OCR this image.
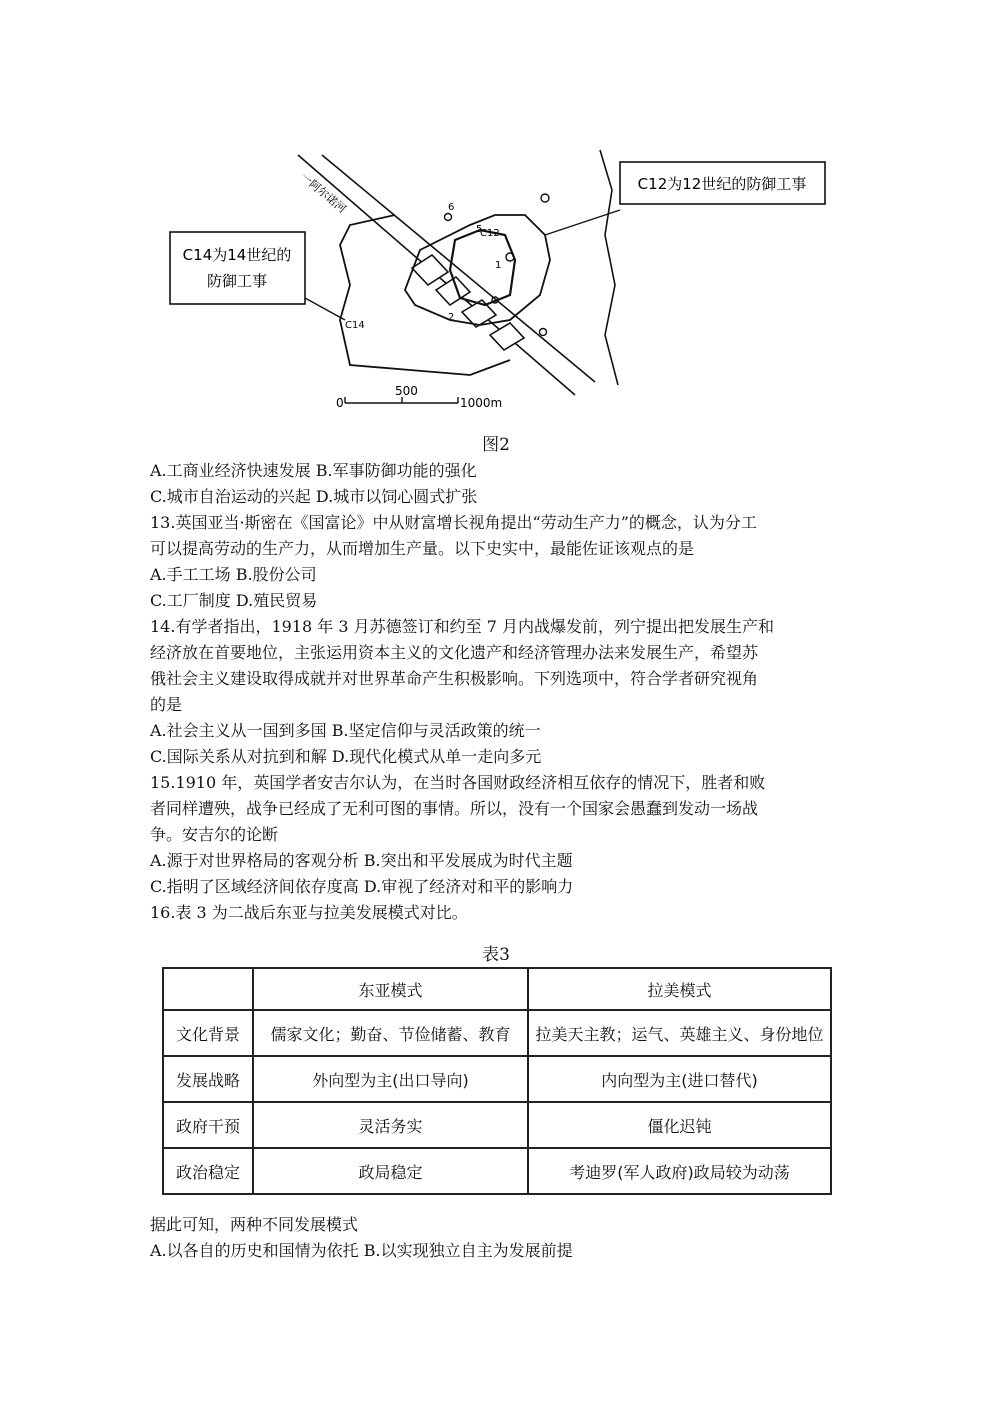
C12为12世纪的防御工事
C14为14世纪的
防御工事
一阿尔诺河
C12
C14
1
2
5
6
0
500
1000m
图2
A.工商业经济快速发展 B.军事防御功能的强化
C.城市自治运动的兴起 D.城市以饲心圆式扩张
13.英国亚当·斯密在《国富论》中从财富增长视角提出“劳动生产力”的概念，认为分工
可以提高劳动的生产力，从而增加生产量。以下史实中，最能佐证该观点的是
A.手工工场 B.股份公司
C.工厂制度 D.殖民贸易
14.有学者指出，1918 年 3 月苏德签订和约至 7 月内战爆发前，列宁提出把发展生产和
经济放在首要地位，主张运用资本主义的文化遗产和经济管理办法来发展生产，希望苏
俄社会主义建设取得成就并对世界革命产生积极影响。下列选项中，符合学者研究视角
的是
A.社会主义从一国到多国 B.坚定信仰与灵活政策的统一
C.国际关系从对抗到和解 D.现代化模式从单一走向多元
15.1910 年，英国学者安吉尔认为，在当时各国财政经济相互依存的情况下，胜者和败
者同样遭殃，战争已经成了无利可图的事情。所以，没有一个国家会愚蠢到发动一场战
争。安吉尔的论断
A.源于对世界格局的客观分析 B.突出和平发展成为时代主题
C.指明了区域经济间依存度高 D.审视了经济对和平的影响力
16.表 3 为二战后东亚与拉美发展模式对比。
表3
	东亚模式	拉美模式
文化背景	儒家文化；勤奋、节俭储蓄、教育	拉美天主教；运气、英雄主义、身份地位
发展战略	外向型为主(出口导向)	内向型为主(进口替代)
政府干预	灵活务实	僵化迟钝
政治稳定	政局稳定	考迪罗(军人政府)政局较为动荡
据此可知，两种不同发展模式
A.以各自的历史和国情为依托 B.以实现独立自主为发展前提
